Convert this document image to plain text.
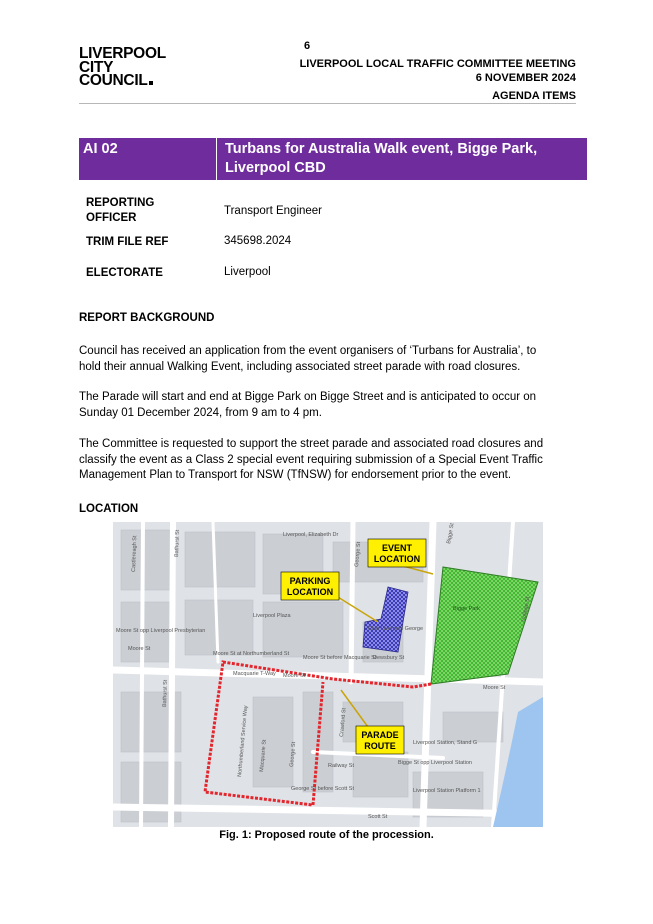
LIVERPOOL
CITY
COUNCIL
6
LIVERPOOL LOCAL TRAFFIC COMMITTEE MEETING
6 NOVEMBER 2024
AGENDA ITEMS
AI 02	Turbans for Australia Walk event, Bigge Park,
Liverpool CBD
REPORTING
OFFICER
Transport Engineer
TRIM FILE REF	345698.2024
ELECTORATE	Liverpool
REPORT BACKGROUND
Council has received an application from the event organisers of ‘Turbans for Australia’, to
hold their annual Walking Event, including associated street parade with road closures.
The Parade will start and end at Bigge Park on Bigge Street and is anticipated to occur on
Sunday 01 December 2024, from 9 am to 4 pm.
The Committee is requested to support the street parade and associated road closures and
classify the event as a Class 2 special event requiring submission of a Special Event Traffic
Management Plan to Transport for NSW (TfNSW) for endorsement prior to the event.
LOCATION
EVENT
LOCATION
PARKING
LOCATION
PARADE
ROUTE
Castlereagh St	Bathurst St
Bathurst St
Moore St
Moore St
Moore St
Bigge St
George St
College St
Northumberland Service Way Macquarie St	George St
Crawford St
Railway St
Scott St
Macquarie T-Way
Dewsbury St
Liverpool Plaza
Club Liverpool George
Liverpool, Elizabeth Dr
Moore St opp Liverpool Presbyterian
Moore St at Northumberland St
Moore St before Macquarie St
Liverpool Station, Stand G
Bigge St opp Liverpool Station
George St before Scott St	Liverpool Station Platform 1
Bigge Park
Fig. 1: Proposed route of the procession.
